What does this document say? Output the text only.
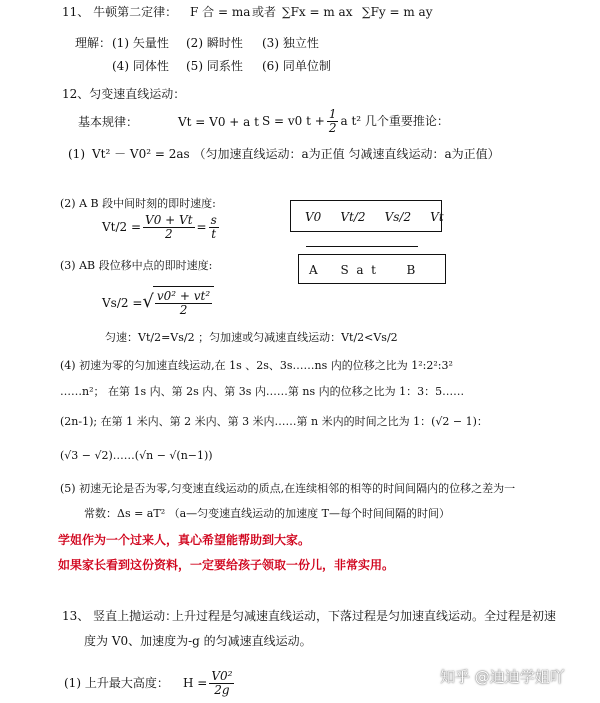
11、 牛顿第二定律： F 合 = ma 或者 ∑Fx = m ax ∑Fy = m ay
理解： (1) 矢量性 (2) 瞬时性 (3) 独立性
(4) 同体性 (5) 同系性 (6) 同单位制
12、匀变速直线运动：
基本规律：	Vt = V0 + a t S = v0 $t + \frac{1}{2}$ a t² 几个重要推论：
(1) Vt² － V0² = 2as （匀加速直线运动：a为正值 匀减速直线运动：a为正值）
(2) A B 段中间时刻的即时速度:
$Vt/2 = \frac{V0 + Vt}{2} = \frac{s}{t}$	V0     Vt/2     Vs/2     Vt
A      S  a  t        B
(3) AB 段位移中点的即时速度:
Vs/2 =√ $\frac{\text{v0² + vt²}}{2}$
匀速：Vt/2=Vs/2 ；匀加速或匀减速直线运动：Vt/2<Vs/2
(4) 初速为零的匀加速直线运动,在 1s 、2s、3s……ns 内的位移之比为 1²:2²:3²
……n²； 在第 1s 内、第 2s 内、第 3s 内……第 ns 内的位移之比为 1：3：5……
(2n-1); 在第 1 米内、第 2 米内、第 3 米内……第 n 米内的时间之比为 1：(√2 − 1)：
(√3 − √2)……(√n − √(n−1))
(5) 初速无论是否为零,匀变速直线运动的质点,在连续相邻的相等的时间间隔内的位移之差为一
常数：Δs = aT² （a—匀变速直线运动的加速度 T—每个时间间隔的时间）
学姐作为一个过来人，真心希望能帮助到大家。
如果家长看到这份资料，一定要给孩子领取一份儿，非常实用。
13、 竖直上抛运动：
上升过程是匀减速直线运动，下落过程是匀加速直线运动。全过程是初速
度为 V0、加速度为-g 的匀减速直线运动。
(1) 上升最大高度： $H = \frac{\text{V0²}}{2g}$	知乎 @迪迪学姐吖
